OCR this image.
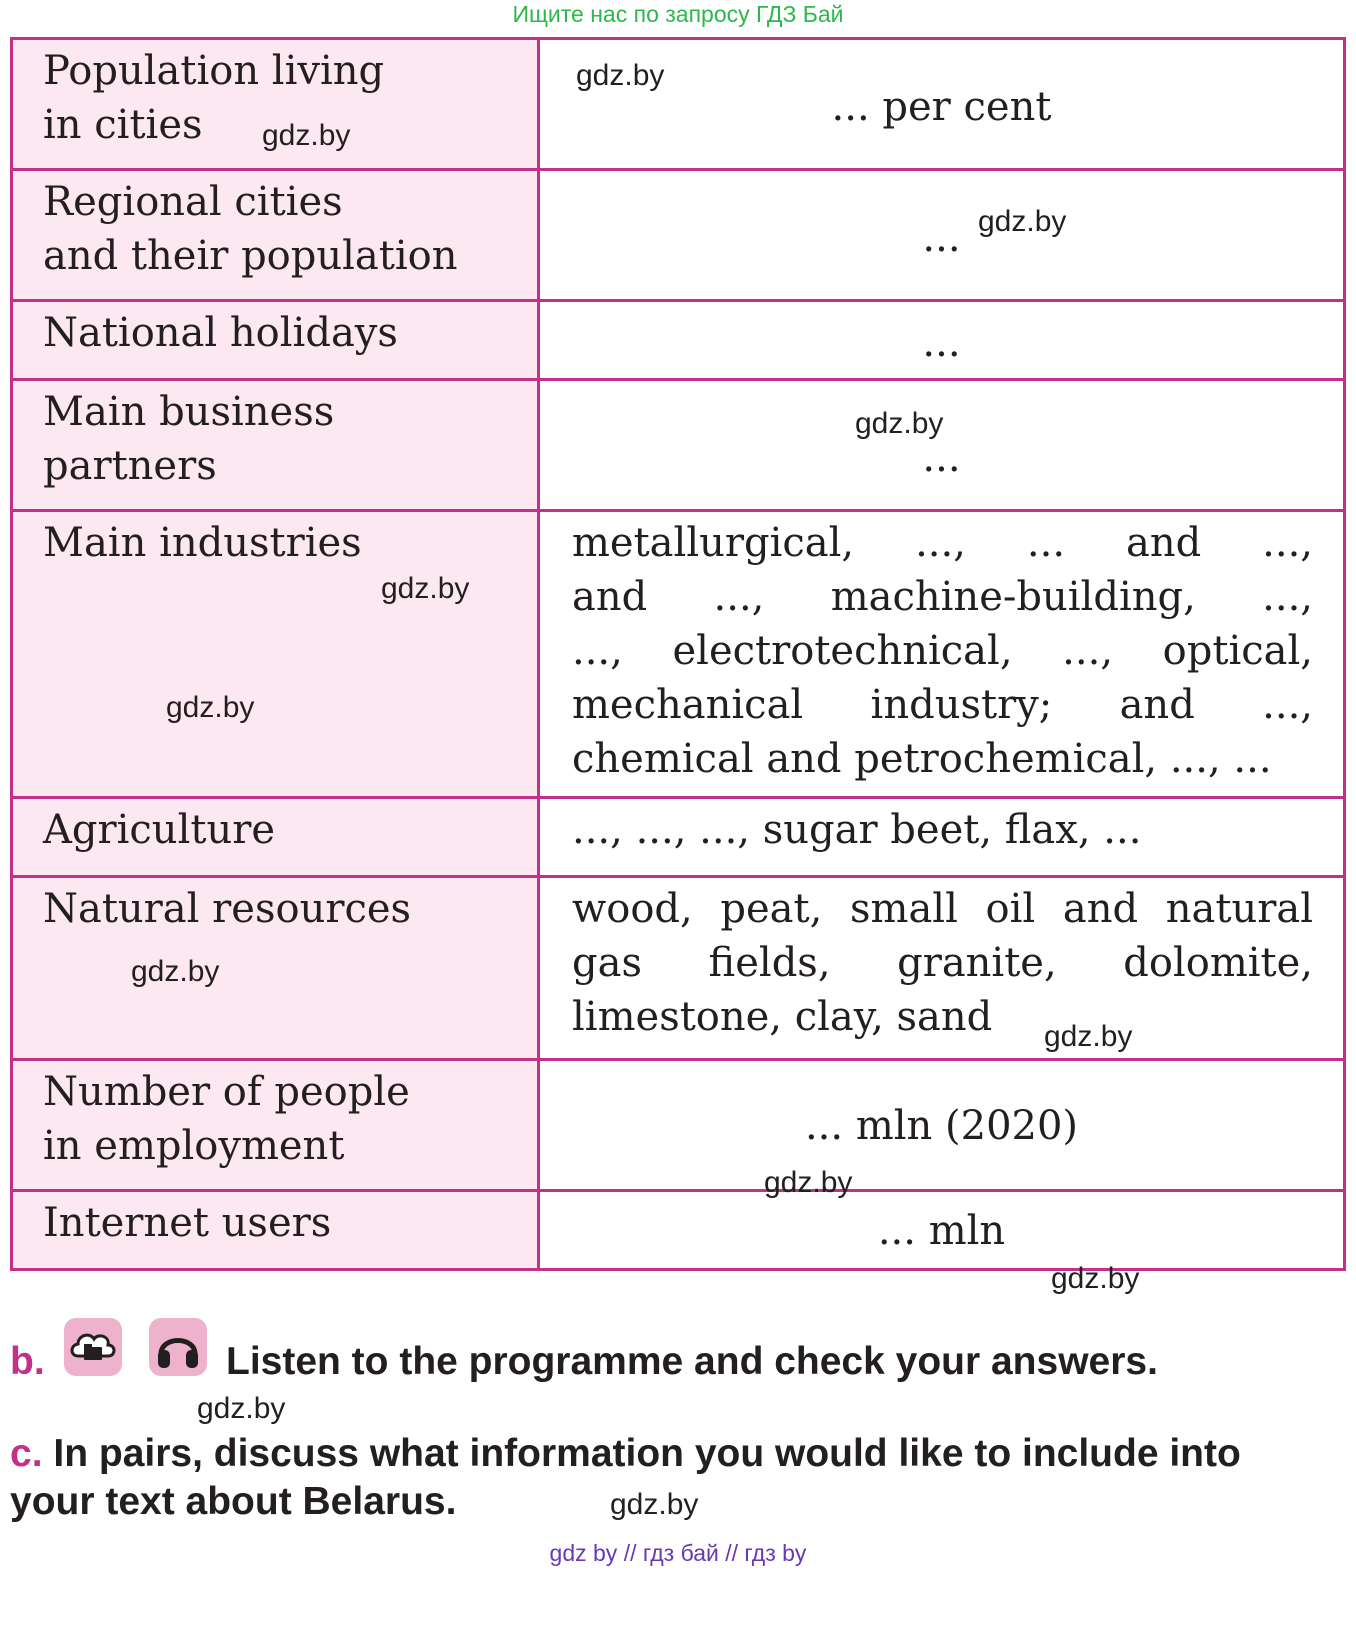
Ищите нас по запросу ГДЗ Бай
Population living
in cities	... per cent

Regional cities
and their population	...

National holidays	...

Main business
partners	...

Main industries	metallurgical, ..., ... and ...,
and ..., machine-building, ...,
..., electrotechnical, ..., optical,
mechanical industry; and ...,
chemical and petrochemical, ..., ...

Agriculture	..., ..., ..., sugar beet, flax, ...

Natural resources	wood, peat, small oil and natural
gas fields, granite, dolomite,
limestone, clay, sand

Number of people
in employment	... mln (2020)

Internet users	... mln
gdz.by
gdz.by
gdz.by
gdz.by
gdz.by
gdz.by
gdz.by
gdz.by
gdz.by
gdz.by
gdz.by
gdz.by
b.	Listen to the programme and check your answers.
c. In pairs, discuss what information you would like to include into
your text about Belarus.
gdz by // гдз бай // гдз by
